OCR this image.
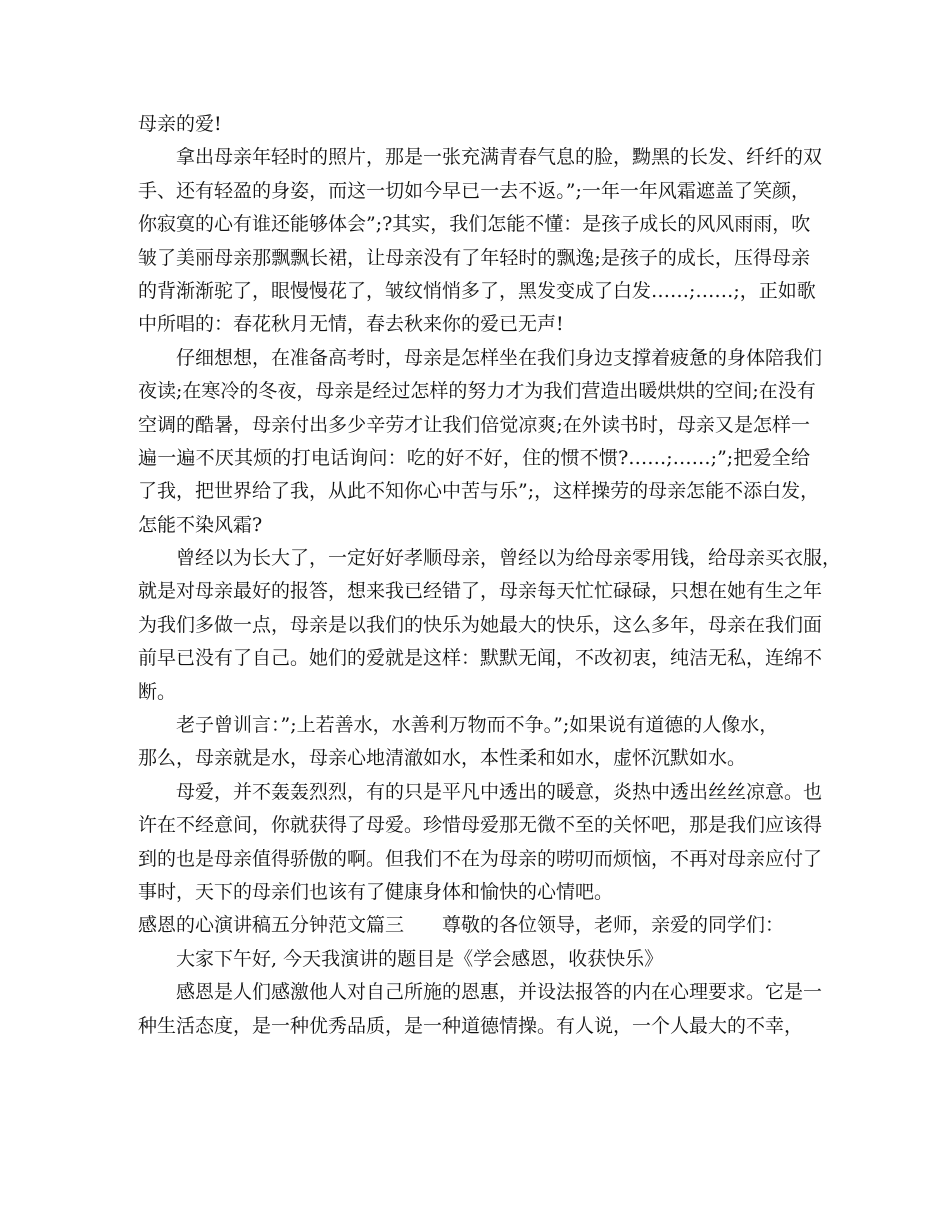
母亲的爱!
拿出母亲年轻时的照片，那是一张充满青春气息的脸，黝黑的长发、纤纤的双
手、还有轻盈的身姿，而这一切如今早已一去不返。”;一年一年风霜遮盖了笑颜，
你寂寞的心有谁还能够体会”;?其实，我们怎能不懂：是孩子成长的风风雨雨，吹
皱了美丽母亲那飘飘长裙，让母亲没有了年轻时的飘逸;是孩子的成长，压得母亲
的背渐渐驼了，眼慢慢花了，皱纹悄悄多了，黑发变成了白发……;……;，正如歌
中所唱的：春花秋月无情，春去秋来你的爱已无声!
仔细想想，在准备高考时，母亲是怎样坐在我们身边支撑着疲惫的身体陪我们
夜读;在寒冷的冬夜，母亲是经过怎样的努力才为我们营造出暖烘烘的空间;在没有
空调的酷暑，母亲付出多少辛劳才让我们倍觉凉爽;在外读书时，母亲又是怎样一
遍一遍不厌其烦的打电话询问：吃的好不好，住的惯不惯?……;……;”;把爱全给
了我，把世界给了我，从此不知你心中苦与乐”;，这样操劳的母亲怎能不添白发，
怎能不染风霜?
曾经以为长大了，一定好好孝顺母亲，曾经以为给母亲零用钱，给母亲买衣服，
就是对母亲最好的报答，想来我已经错了，母亲每天忙忙碌碌，只想在她有生之年
为我们多做一点，母亲是以我们的快乐为她最大的快乐，这么多年，母亲在我们面
前早已没有了自己。她们的爱就是这样：默默无闻，不改初衷，纯洁无私，连绵不
断。
老子曾训言：”;上若善水，水善利万物而不争。”;如果说有道德的人像水，
那么，母亲就是水，母亲心地清澈如水，本性柔和如水，虚怀沉默如水。
母爱，并不轰轰烈烈，有的只是平凡中透出的暖意，炎热中透出丝丝凉意。也
许在不经意间，你就获得了母爱。珍惜母爱那无微不至的关怀吧，那是我们应该得
到的也是母亲值得骄傲的啊。但我们不在为母亲的唠叨而烦恼，不再对母亲应付了
事时，天下的母亲们也该有了健康身体和愉快的心情吧。
感恩的心演讲稿五分钟范文篇三 尊敬的各位领导，老师，亲爱的同学们：
大家下午好, 今天我演讲的题目是《学会感恩，收获快乐》
感恩是人们感激他人对自己所施的恩惠，并设法报答的内在心理要求。它是一
种生活态度，是一种优秀品质，是一种道德情操。有人说，一个人最大的不幸，
